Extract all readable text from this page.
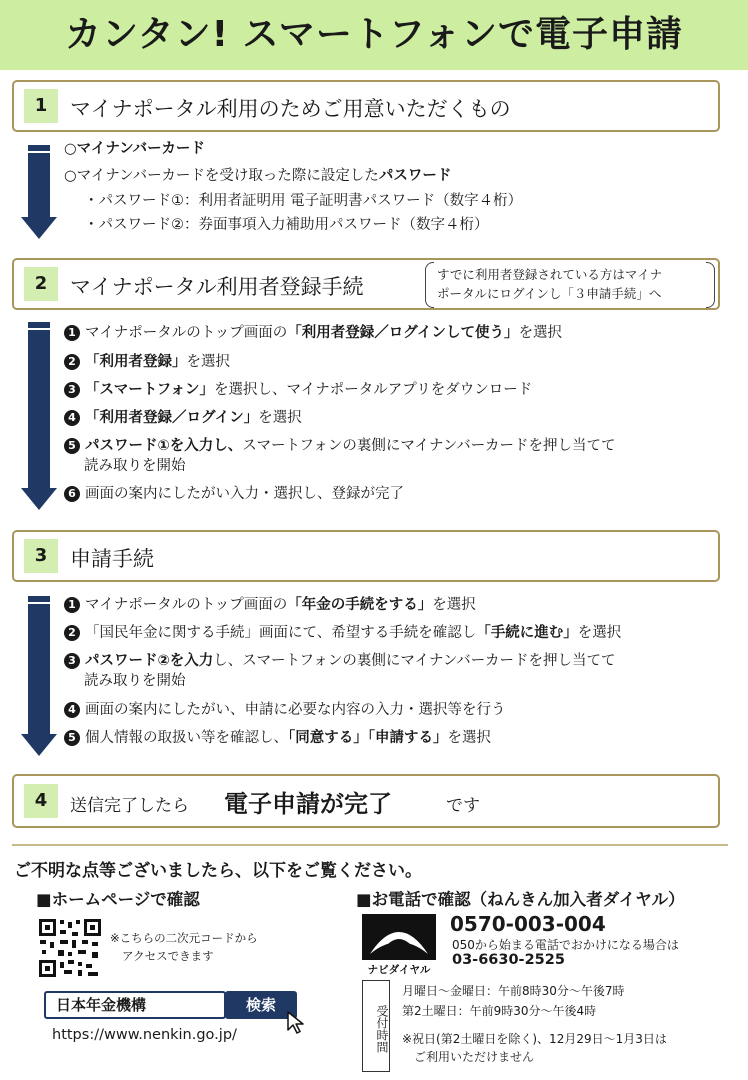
カンタン! スマートフォンで電子申請
1	マイナポータル利用のためご用意いただくもの
○マイナンバーカード
○マイナンバーカードを受け取った際に設定したパスワード
・パスワード①：利用者証明用 電子証明書パスワード（数字４桁）
・パスワード②：券面事項入力補助用パスワード（数字４桁）
2	マイナポータル利用者登録手続
すでに利用者登録されている方はマイナ
ポータルにログインし「３申請手続」へ
1 マイナポータルのトップ画面の「利用者登録／ログインして使う」を選択
2 「利用者登録」を選択
3 「スマートフォン」を選択し、マイナポータルアプリをダウンロード
4 「利用者登録／ログイン」を選択
5 パスワード①を入力し、スマートフォンの裏側にマイナンバーカードを押し当てて
読み取りを開始
6 画面の案内にしたがい入力・選択し、登録が完了
3	申請手続
1 マイナポータルのトップ画面の「年金の手続をする」を選択
2 「国民年金に関する手続」画面にて、希望する手続を確認し「手続に進む」を選択
3 パスワード②を入力し、スマートフォンの裏側にマイナンバーカードを押し当てて
読み取りを開始
4 画面の案内にしたがい、申請に必要な内容の入力・選択等を行う
5 個人情報の取扱い等を確認し、「同意する」「申請する」を選択
4	送信完了したら 電子申請が完了	です
ご不明な点等ございましたら、以下をご覧ください。
■ホームページで確認
※こちらの二次元コードから
アクセスできます
日本年金機構	検索
https://www.nenkin.go.jp/
■お電話で確認（ねんきん加入者ダイヤル）
ナビダイヤル
0570-003-004
050から始まる電話でおかけになる場合は
03-6630-2525
受付時間
月曜日～金曜日：午前8時30分～午後7時
第2土曜日：午前9時30分～午後4時
※祝日(第2土曜日を除く)、12月29日～1月3日は
ご利用いただけません
